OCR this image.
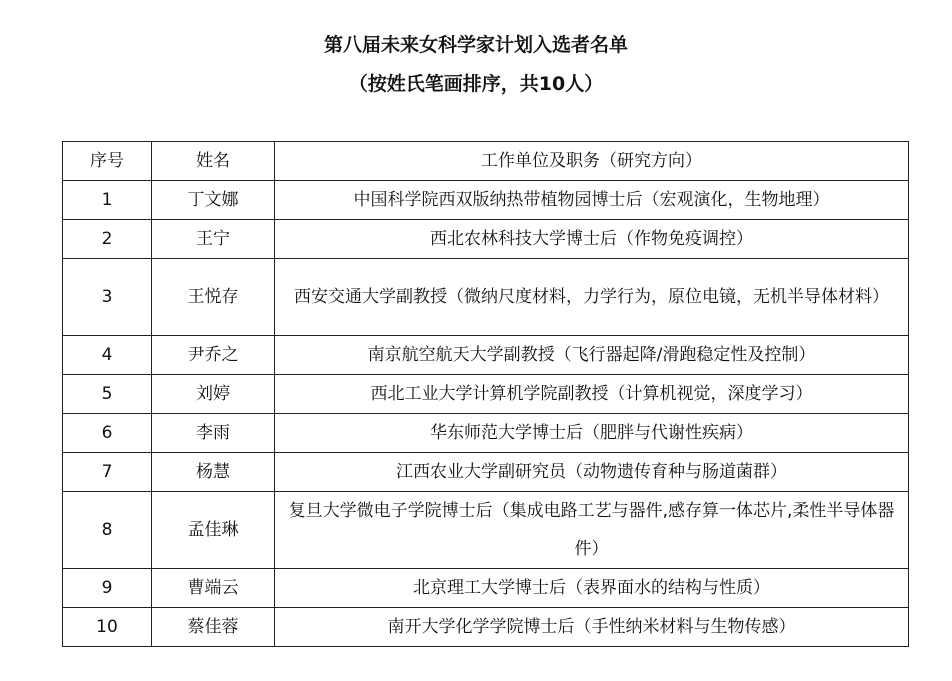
第八届未来女科学家计划入选者名单
（按姓氏笔画排序，共10人）
序号	姓名	工作单位及职务（研究方向）
1	丁文娜	中国科学院西双版纳热带植物园博士后（宏观演化，生物地理）
2	王宁	西北农林科技大学博士后（作物免疫调控）
3	王悦存	西安交通大学副教授（微纳尺度材料，力学行为，原位电镜，无机半导体材料）
4	尹乔之	南京航空航天大学副教授（飞行器起降/滑跑稳定性及控制）
5	刘婷	西北工业大学计算机学院副教授（计算机视觉，深度学习）
6	李雨	华东师范大学博士后（肥胖与代谢性疾病）
7	杨慧	江西农业大学副研究员（动物遗传育种与肠道菌群）
8	孟佳琳	复旦大学微电子学院博士后（集成电路工艺与器件,感存算一体芯片,柔性半导体器件）
9	曹端云	北京理工大学博士后（表界面水的结构与性质）
10	蔡佳蓉	南开大学化学学院博士后（手性纳米材料与生物传感）
